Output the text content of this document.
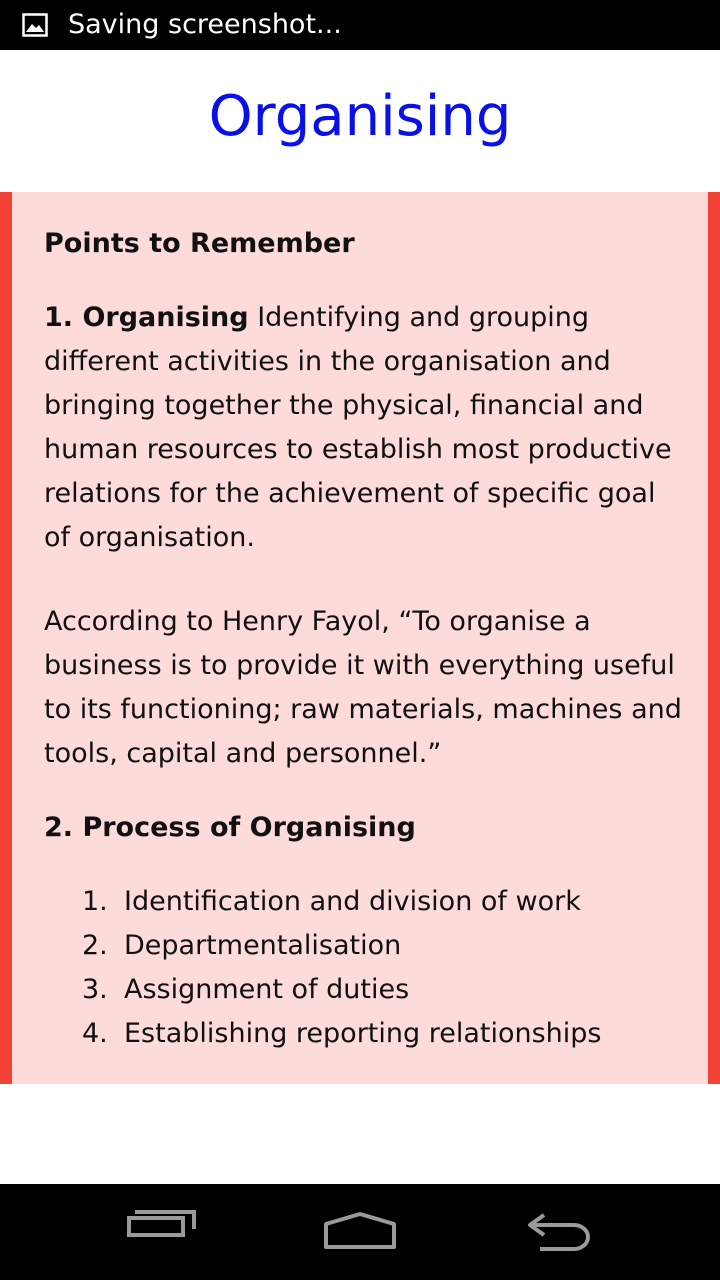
Saving screenshot...
Organising
Points to Remember
1. Organising Identifying and grouping
different activities in the organisation and
bringing together the physical, financial and
human resources to establish most productive
relations for the achievement of specific goal
of organisation.
According to Henry Fayol, “To organise a
business is to provide it with everything useful
to its functioning; raw materials, machines and
tools, capital and personnel.”
2. Process of Organising
1. Identification and division of work
2. Departmentalisation
3. Assignment of duties
4. Establishing reporting relationships
